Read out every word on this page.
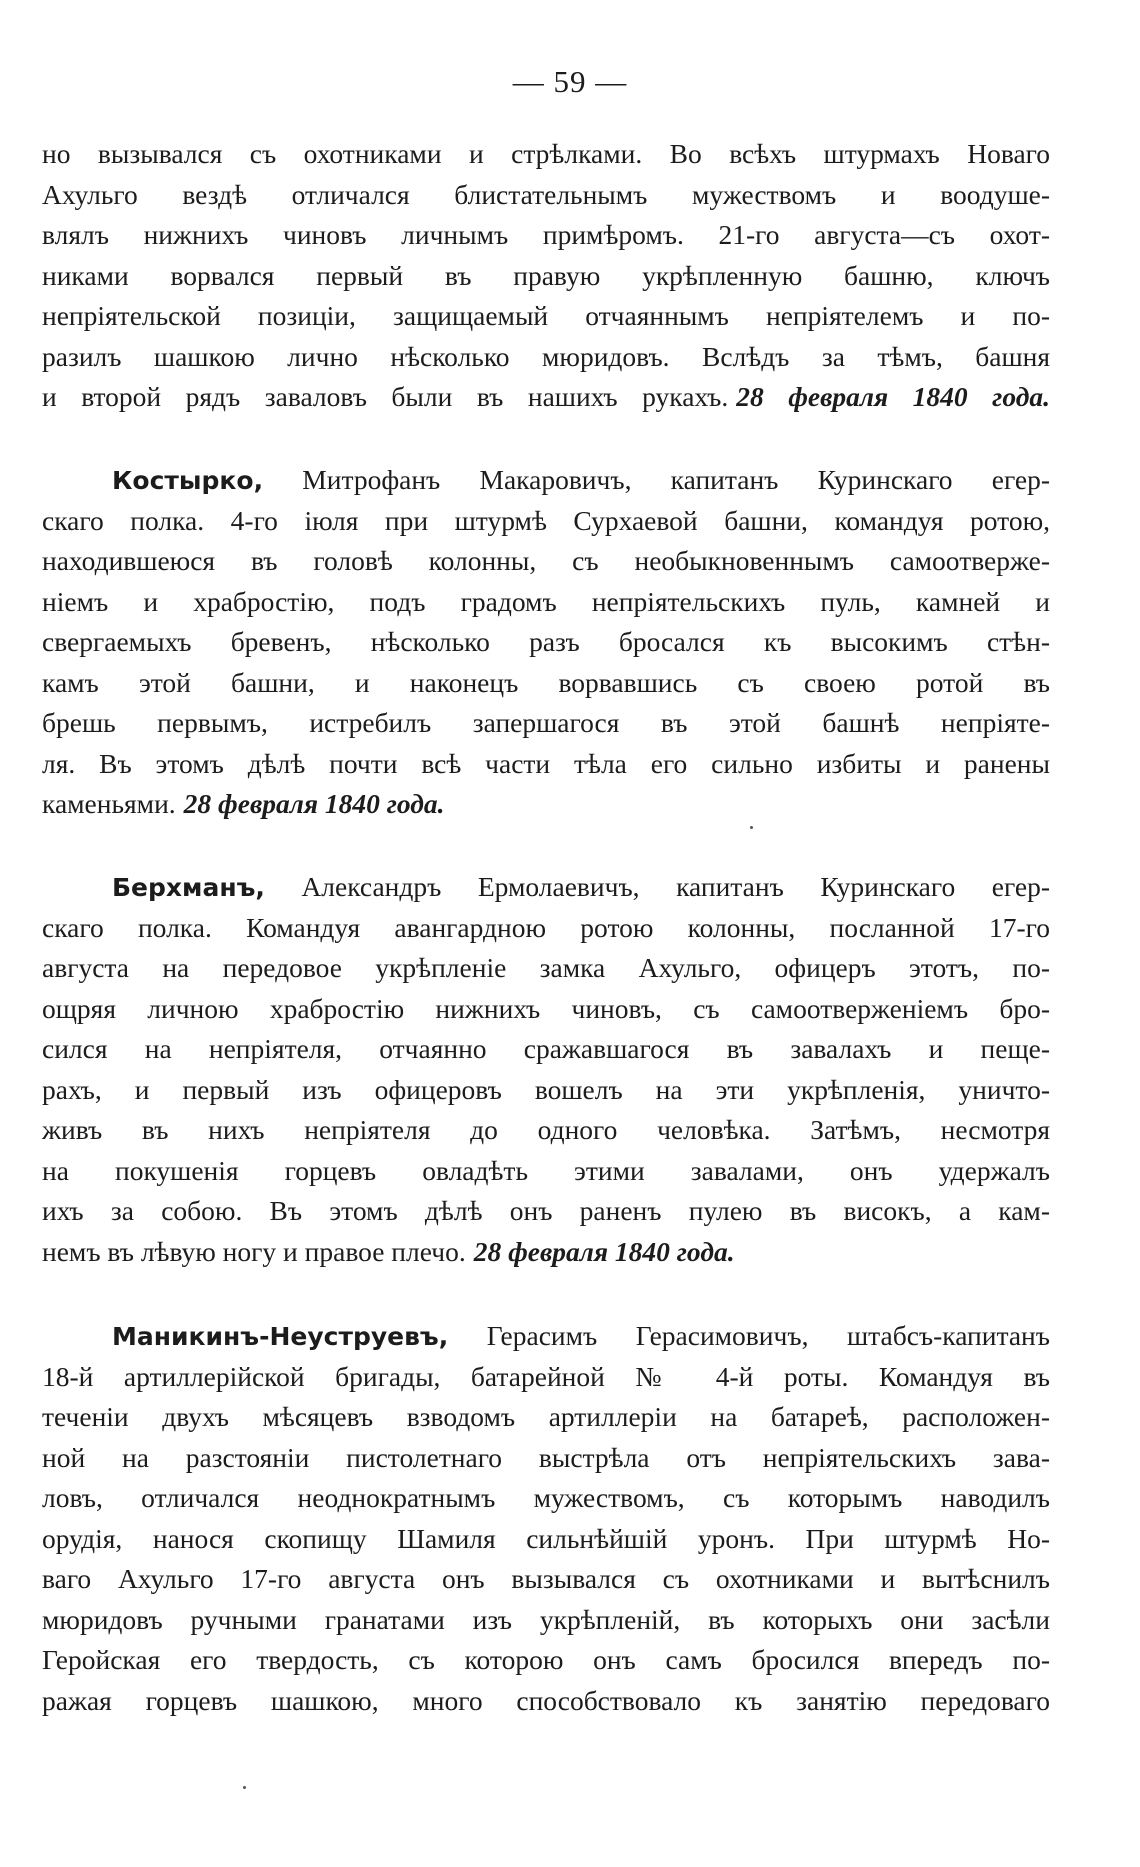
— 59 —
но вызывался съ охотниками и стрѣлками. Во всѣхъ штурмахъ Новаго
Ахульго вездѣ отличался блистательнымъ мужествомъ и воодуше-
влялъ нижнихъ чиновъ личнымъ примѣромъ. 21-го августа—съ охот-
никами ворвался первый въ правую укрѣпленную башню, ключъ
непріятельской позиціи, защищаемый отчаяннымъ непріятелемъ и по-
разилъ шашкою лично нѣсколько мюридовъ. Вслѣдъ за тѣмъ, башня
и второй рядъ заваловъ были въ нашихъ рукахъ. 28 февраля 1840 года.
Костырко, Митрофанъ Макаровичъ, капитанъ Куринскаго егер-
скаго полка. 4-го іюля при штурмѣ Сурхаевой башни, командуя ротою,
находившеюся въ головѣ колонны, съ необыкновеннымъ самоотверже-
ніемъ и храбростію, подъ градомъ непріятельскихъ пуль, камней и
свергаемыхъ бревенъ, нѣсколько разъ бросался къ высокимъ стѣн-
камъ этой башни, и наконецъ ворвавшись съ своею ротой въ
брешь первымъ, истребилъ запершагося въ этой башнѣ непріяте-
ля. Въ этомъ дѣлѣ почти всѣ части тѣла его сильно избиты и ранены
каменьями. 28 февраля 1840 года.
Берхманъ, Александръ Ермолаевичъ, капитанъ Куринскаго егер-
скаго полка. Командуя авангардною ротою колонны, посланной 17-го
августа на передовое укрѣпленіе замка Ахульго, офицеръ этотъ, по-
ощряя личною храбростію нижнихъ чиновъ, съ самоотверженіемъ бро-
сился на непріятеля, отчаянно сражавшагося въ завалахъ и пеще-
рахъ, и первый изъ офицеровъ вошелъ на эти укрѣпленія, уничто-
живъ въ нихъ непріятеля до одного человѣка. Затѣмъ, несмотря
на покушенія горцевъ овладѣть этими завалами, онъ удержалъ
ихъ за собою. Въ этомъ дѣлѣ онъ раненъ пулею въ високъ, а кам-
немъ въ лѣвую ногу и правое плечо. 28 февраля 1840 года.
Маникинъ-Неуструевъ, Герасимъ Герасимовичъ, штабсъ-капитанъ
18-й артиллерійской бригады, батарейной № 4-й роты. Командуя въ
теченіи двухъ мѣсяцевъ взводомъ артиллеріи на батареѣ, расположен-
ной на разстояніи пистолетнаго выстрѣла отъ непріятельскихъ зава-
ловъ, отличался неоднократнымъ мужествомъ, съ которымъ наводилъ
орудія, нанося скопищу Шамиля сильнѣйшій уронъ. При штурмѣ Но-
ваго Ахульго 17-го августа онъ вызывался съ охотниками и вытѣснилъ
мюридовъ ручными гранатами изъ укрѣпленій, въ которыхъ они засѣли
Геройская его твердость, съ которою онъ самъ бросился впередъ по-
ражая горцевъ шашкою, много способствовало къ занятію передоваго
